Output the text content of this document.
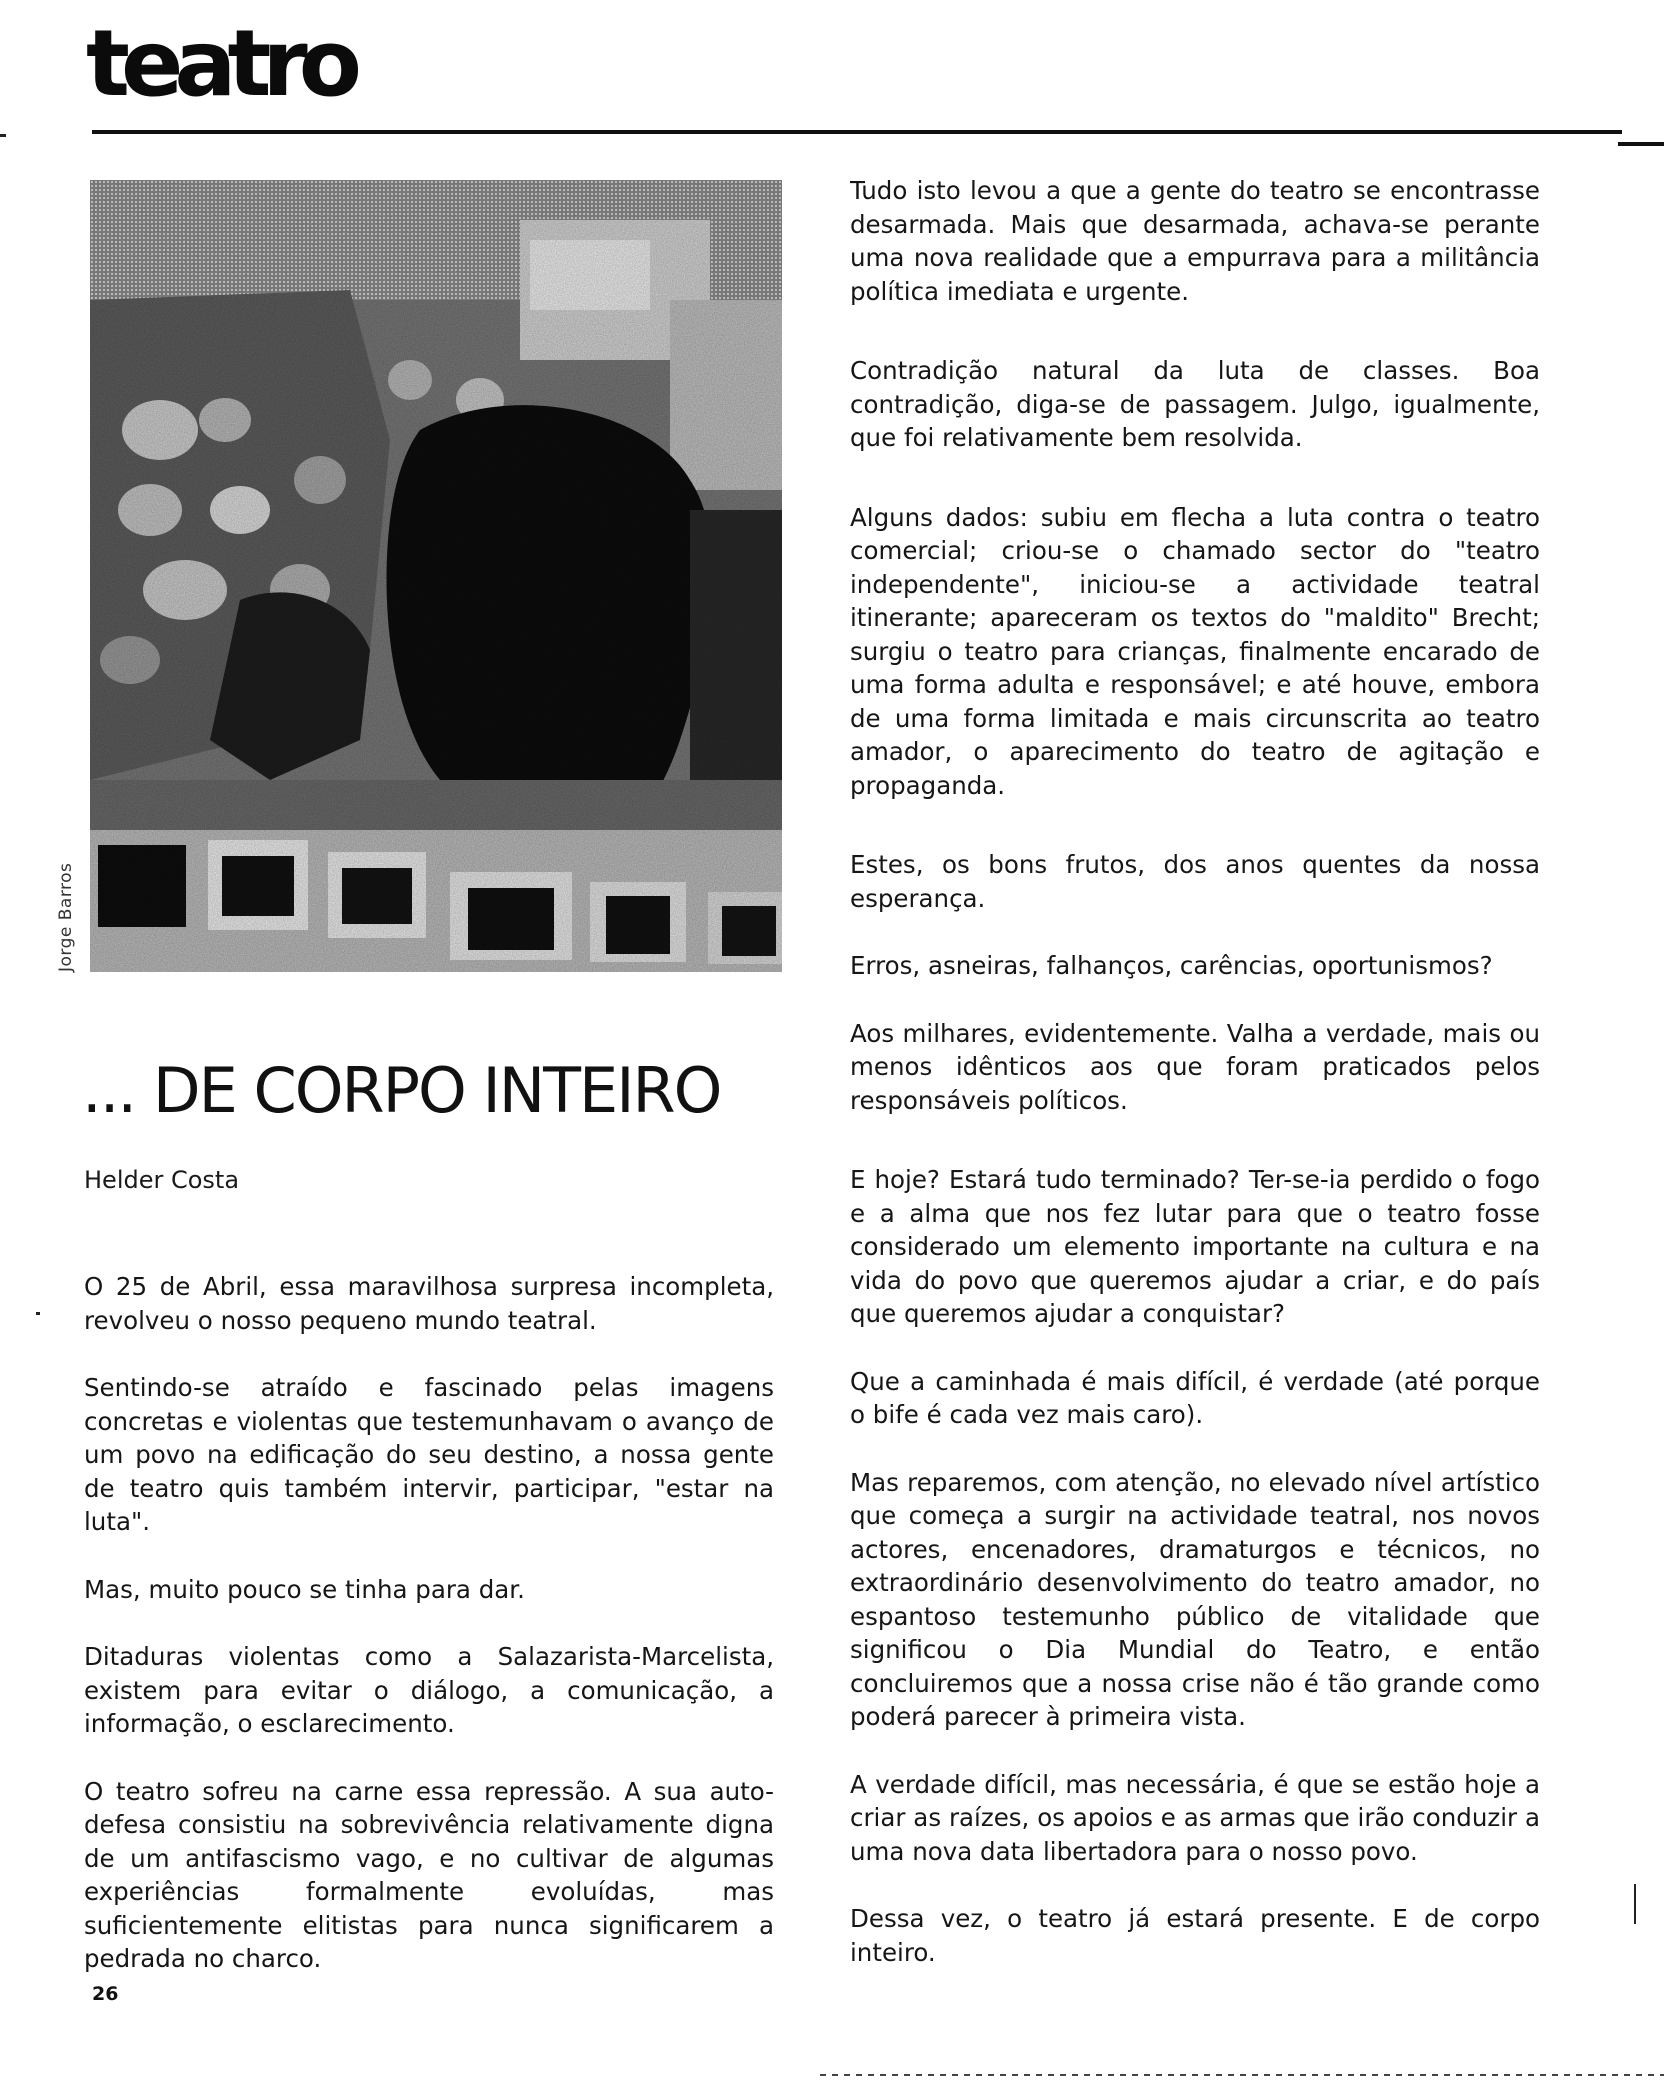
teatro
Jorge Barros
... DE CORPO INTEIRO
Helder Costa

O 25 de Abril, essa maravilhosa surpresa incompleta, revolveu o nosso pequeno mundo teatral.

Sentindo-se atraído e fascinado pelas imagens concretas e violentas que testemunhavam o avanço de um povo na edificação do seu destino, a nossa gente de teatro quis também intervir, participar, "estar na luta".

Mas, muito pouco se tinha para dar.

Ditaduras violentas como a Salazarista-Marcelista, existem para evitar o diálogo, a comunicação, a informação, o esclarecimento.

O teatro sofreu na carne essa repressão. A sua auto-defesa consistiu na sobrevivência relativamente digna de um antifascismo vago, e no cultivar de algumas experiências formalmente evoluídas, mas suficientemente elitistas para nunca significarem a pedrada no charco.

Tudo isto levou a que a gente do teatro se encontrasse desarmada. Mais que desarmada, achava-se perante uma nova realidade que a empurrava para a militância política imediata e urgente.

Contradição natural da luta de classes. Boa contradição, diga-se de passagem. Julgo, igualmente, que foi relativamente bem resolvida.

Alguns dados: subiu em flecha a luta contra o teatro comercial; criou-se o chamado sector do "teatro independente", iniciou-se a actividade teatral itinerante; apareceram os textos do "maldito" Brecht; surgiu o teatro para crianças, finalmente encarado de uma forma adulta e responsável; e até houve, embora de uma forma limitada e mais circunscrita ao teatro amador, o aparecimento do teatro de agitação e propaganda.

Estes, os bons frutos, dos anos quentes da nossa esperança.

Erros, asneiras, falhanços, carências, oportunismos?

Aos milhares, evidentemente. Valha a verdade, mais ou menos idênticos aos que foram praticados pelos responsáveis políticos.

E hoje? Estará tudo terminado? Ter-se-ia perdido o fogo e a alma que nos fez lutar para que o teatro fosse considerado um elemento importante na cultura e na vida do povo que queremos ajudar a criar, e do país que queremos ajudar a conquistar?

Que a caminhada é mais difícil, é verdade (até porque o bife é cada vez mais caro).

Mas reparemos, com atenção, no elevado nível artístico que começa a surgir na actividade teatral, nos novos actores, encenadores, dramaturgos e técnicos, no extraordinário desenvolvimento do teatro amador, no espantoso testemunho público de vitalidade que significou o Dia Mundial do Teatro, e então concluiremos que a nossa crise não é tão grande como poderá parecer à primeira vista.

A verdade difícil, mas necessária, é que se estão hoje a criar as raízes, os apoios e as armas que irão conduzir a uma nova data libertadora para o nosso povo.

Dessa vez, o teatro já estará presente. E de corpo inteiro.

26
